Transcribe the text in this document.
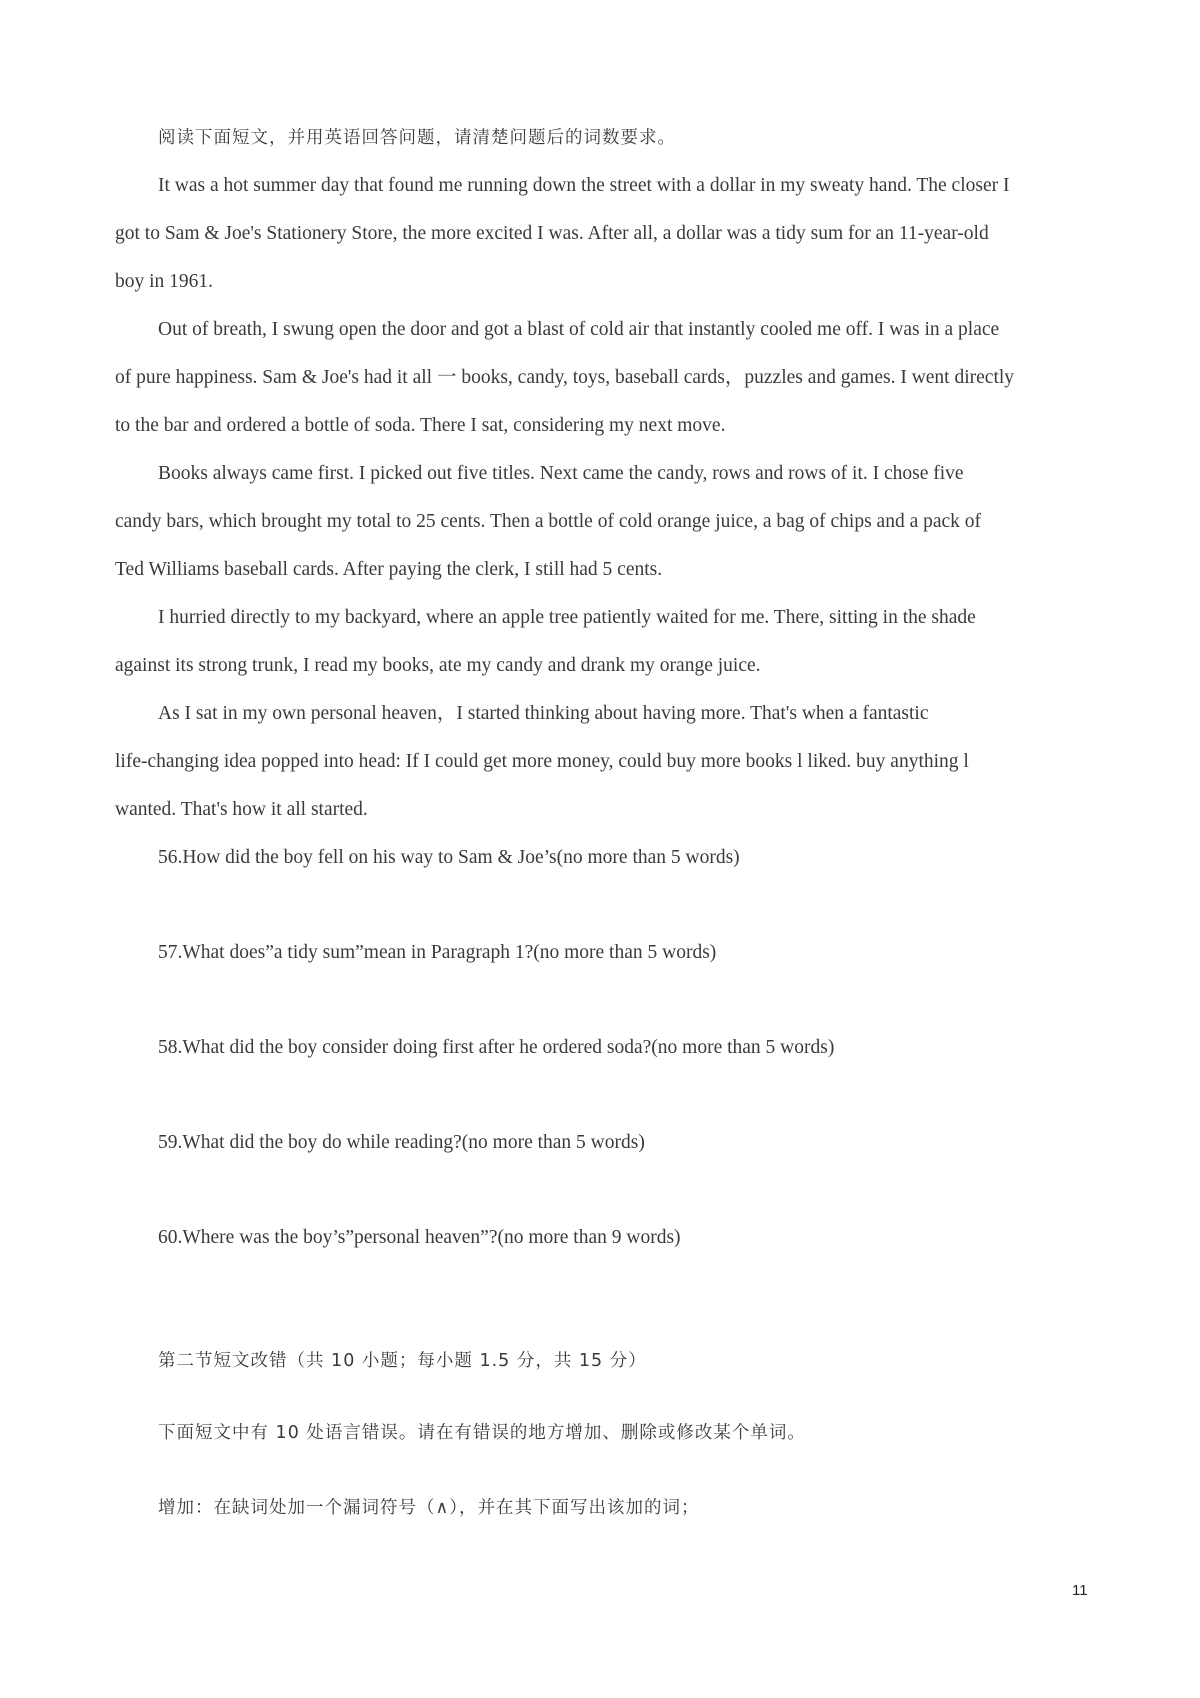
阅读下面短文，并用英语回答问题，请清楚问题后的词数要求。
It was a hot summer day that found me running down the street with a dollar in my sweaty hand. The closer I
got to Sam & Joe's Stationery Store, the more excited I was. After all, a dollar was a tidy sum for an 11-year-old
boy in 1961.
Out of breath, I swung open the door and got a blast of cold air that instantly cooled me off. I was in a place
of pure happiness. Sam & Joe's had it all 一 books, candy, toys, baseball cards，puzzles and games. I went directly
to the bar and ordered a bottle of soda. There I sat, considering my next move.
Books always came first. I picked out five titles. Next came the candy, rows and rows of it. I chose five
candy bars, which brought my total to 25 cents. Then a bottle of cold orange juice, a bag of chips and a pack of
Ted Williams baseball cards. After paying the clerk, I still had 5 cents.
I hurried directly to my backyard, where an apple tree patiently waited for me. There, sitting in the shade
against its strong trunk, I read my books, ate my candy and drank my orange juice.
As I sat in my own personal heaven，I started thinking about having more. That's when a fantastic
life-changing idea popped into head: If I could get more money, could buy more books l liked. buy anything l
wanted. That's how it all started.
56.How did the boy fell on his way to Sam & Joe’s(no more than 5 words)
57.What does”a tidy sum”mean in Paragraph 1?(no more than 5 words)
58.What did the boy consider doing first after he ordered soda?(no more than 5 words)
59.What did the boy do while reading?(no more than 5 words)
60.Where was the boy’s”personal heaven”?(no more than 9 words)
第二节短文改错（共 10 小题；每小题 1.5 分，共 15 分）
下面短文中有 10 处语言错误。请在有错误的地方增加、删除或修改某个单词。
增加：在缺词处加一个漏词符号（∧），并在其下面写出该加的词；
11
